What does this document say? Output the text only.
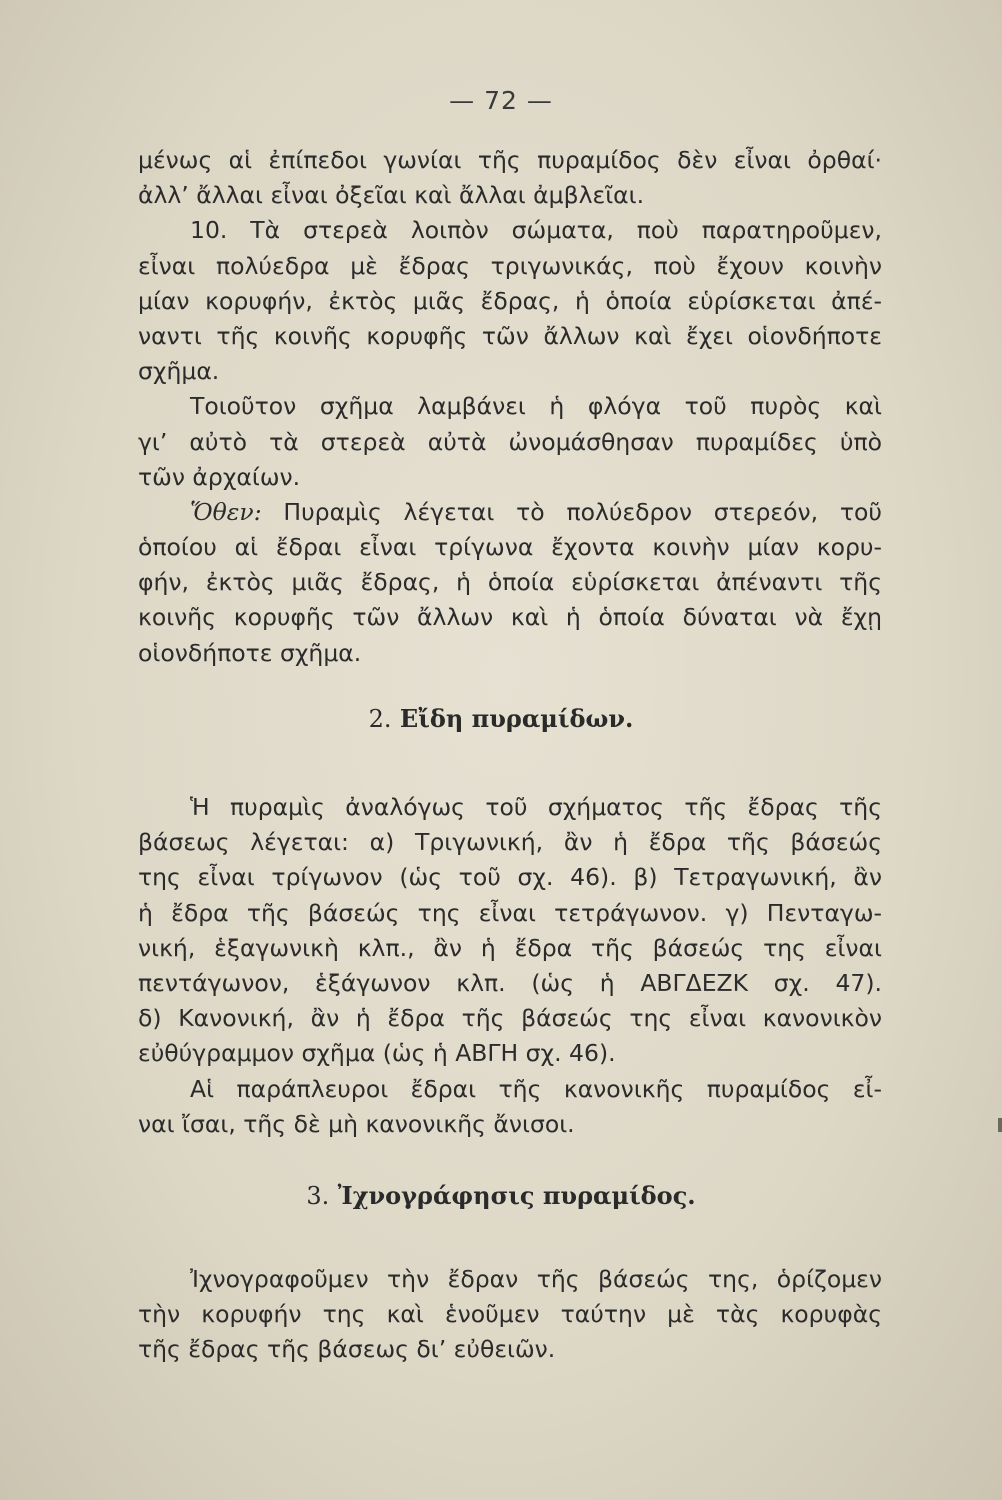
— 72 —
μένως αἱ ἐπίπεδοι γωνίαι τῆς πυραμίδος δὲν εἶναι ὀρθαί·
ἀλλ’ ἄλλαι εἶναι ὀξεῖαι καὶ ἄλλαι ἀμβλεῖαι.
10. Τὰ στερεὰ λοιπὸν σώματα, ποὺ παρατηροῦμεν,
εἶναι πολύεδρα μὲ ἔδρας τριγωνικάς, ποὺ ἔχουν κοινὴν
μίαν κορυφήν, ἐκτὸς μιᾶς ἔδρας, ἡ ὁποία εὑρίσκεται ἀπέ-
ναντι τῆς κοινῆς κορυφῆς τῶν ἄλλων καὶ ἔχει οἱονδήποτε
σχῆμα.
Τοιοῦτον σχῆμα λαμβάνει ἡ φλόγα τοῦ πυρὸς καὶ
γι’ αὐτὸ τὰ στερεὰ αὐτὰ ὠνομάσθησαν πυραμίδες ὑπὸ
τῶν ἀρχαίων.
Ὅθεν: Πυραμὶς λέγεται τὸ πολύεδρον στερεόν, τοῦ
ὁποίου αἱ ἔδραι εἶναι τρίγωνα ἔχοντα κοινὴν μίαν κορυ-
φήν, ἐκτὸς μιᾶς ἔδρας, ἡ ὁποία εὑρίσκεται ἀπέναντι τῆς
κοινῆς κορυφῆς τῶν ἄλλων καὶ ἡ ὁποία δύναται νὰ ἔχῃ
οἱονδήποτε σχῆμα.
2. Εἴδη πυραμίδων.
Ἡ πυραμὶς ἀναλόγως τοῦ σχήματος τῆς ἔδρας τῆς
βάσεως λέγεται: α) Τριγωνική, ἂν ἡ ἔδρα τῆς βάσεώς
της εἶναι τρίγωνον (ὡς τοῦ σχ. 46). β) Τετραγωνική, ἂν
ἡ ἔδρα τῆς βάσεώς της εἶναι τετράγωνον. γ) Πενταγω-
νική, ἑξαγωνικὴ κλπ., ἂν ἡ ἔδρα τῆς βάσεώς της εἶναι
πεντάγωνον, ἑξάγωνον κλπ. (ὡς ἡ ΑΒΓΔΕΖΚ σχ. 47).
δ) Κανονική, ἂν ἡ ἔδρα τῆς βάσεώς της εἶναι κανονικὸν
εὐθύγραμμον σχῆμα (ὡς ἡ ΑΒΓΗ σχ. 46).
Αἱ παράπλευροι ἔδραι τῆς κανονικῆς πυραμίδος εἶ-
ναι ἴσαι, τῆς δὲ μὴ κανονικῆς ἄνισοι.
3. Ἰχνογράφησις πυραμίδος.
Ἰχνογραφοῦμεν τὴν ἔδραν τῆς βάσεώς της, ὁρίζομεν
τὴν κορυφήν της καὶ ἑνοῦμεν ταύτην μὲ τὰς κορυφὰς
τῆς ἔδρας τῆς βάσεως δι’ εὐθειῶν.
